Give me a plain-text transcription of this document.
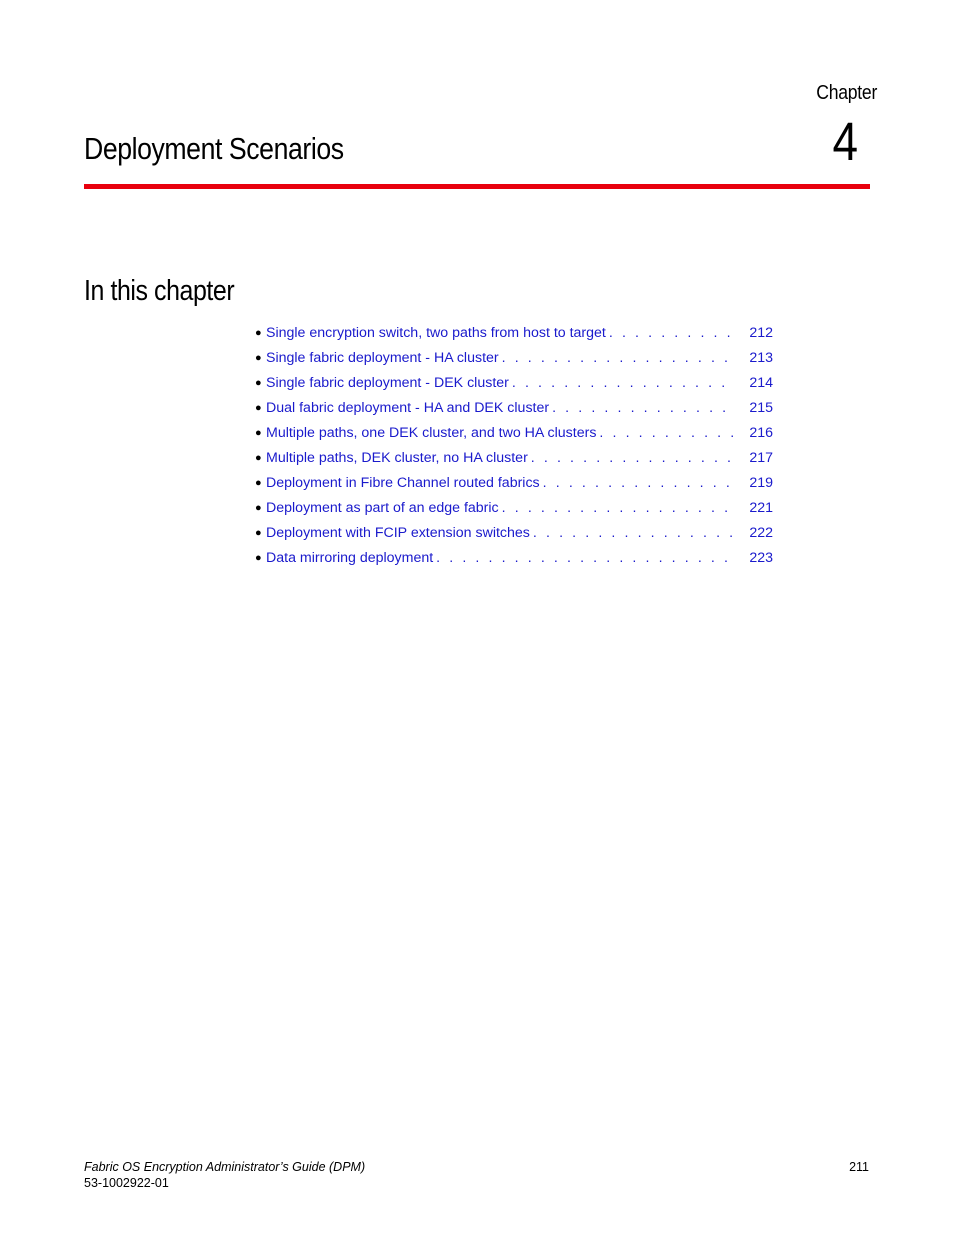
Chapter
4
Deployment Scenarios
In this chapter
● Single encryption switch, two paths from host to target . . .	212
● Single fabric deployment - HA cluster . . .	213
● Single fabric deployment - DEK cluster . . .	214
● Dual fabric deployment - HA and DEK cluster . . .	215
● Multiple paths, one DEK cluster, and two HA clusters . . .	216
● Multiple paths, DEK cluster, no HA cluster . . .	217
● Deployment in Fibre Channel routed fabrics . . .	219
● Deployment as part of an edge fabric . . .	221
● Deployment with FCIP extension switches . . .	222
● Data mirroring deployment . . .	223
Fabric OS Encryption Administrator’s Guide (DPM)
53-1002922-01
211
